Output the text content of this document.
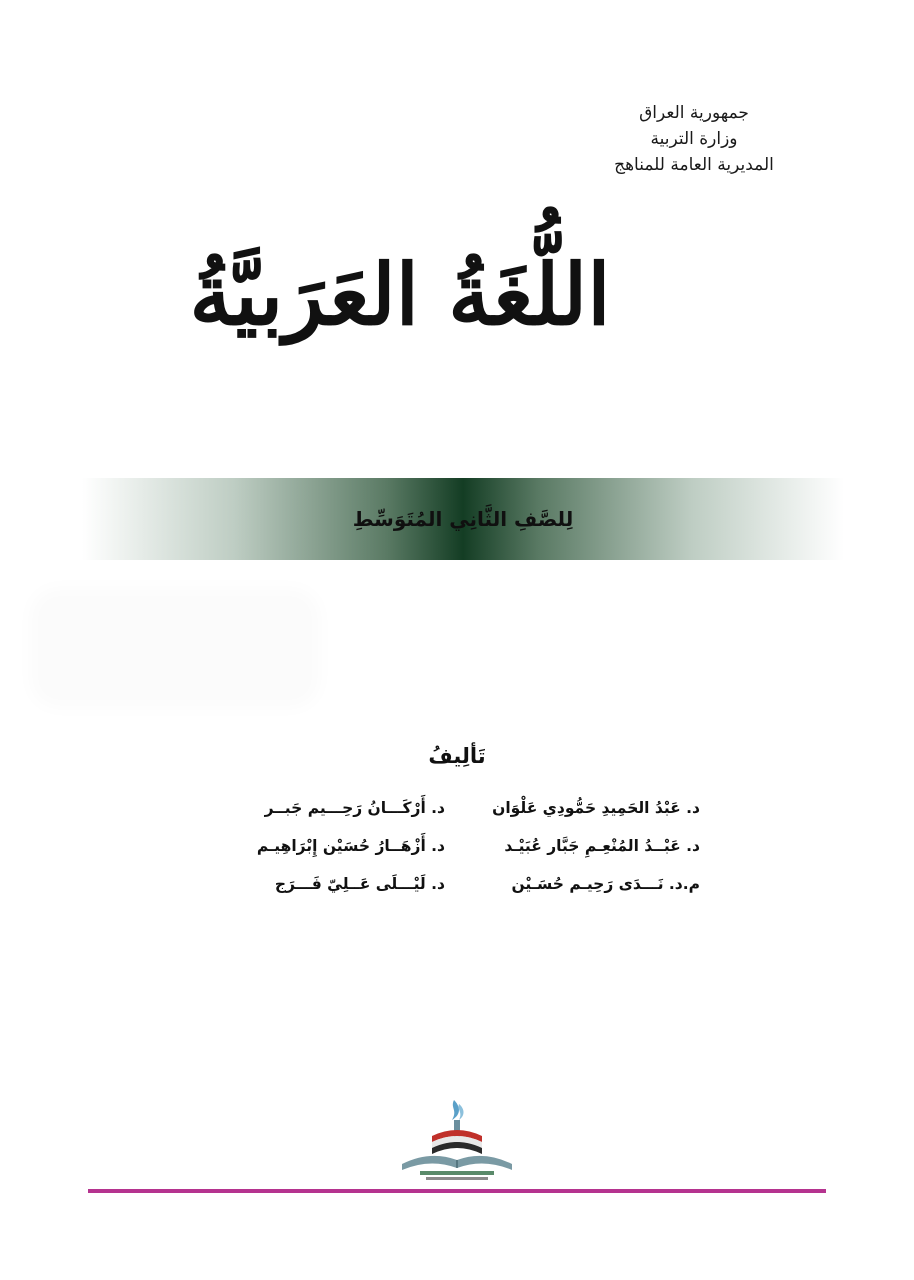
جمهورية العراق
وزارة التربية
المديرية العامة للمناهج
اللُّغَةُ العَرَبيَّةُ
لِلصَّفِ الثَّانِي المُتَوَسِّطِ
تَألِيفُ
د. عَبْدُ الحَمِيدِ حَمُّودِي عَلْوَان
د. أَرْكَـــانُ رَحِـــيم جَبــر
د. عَبْــدُ المُنْعِـمِ جَبَّار عُبَيْـد
د. أَزْهَــارُ حُسَيْن إِبْرَاهِيـم
م.د. نَـــدَى رَحِيـم حُسَـيْن
د. لَيْـــلَى عَــلِيّ فَـــرَج
